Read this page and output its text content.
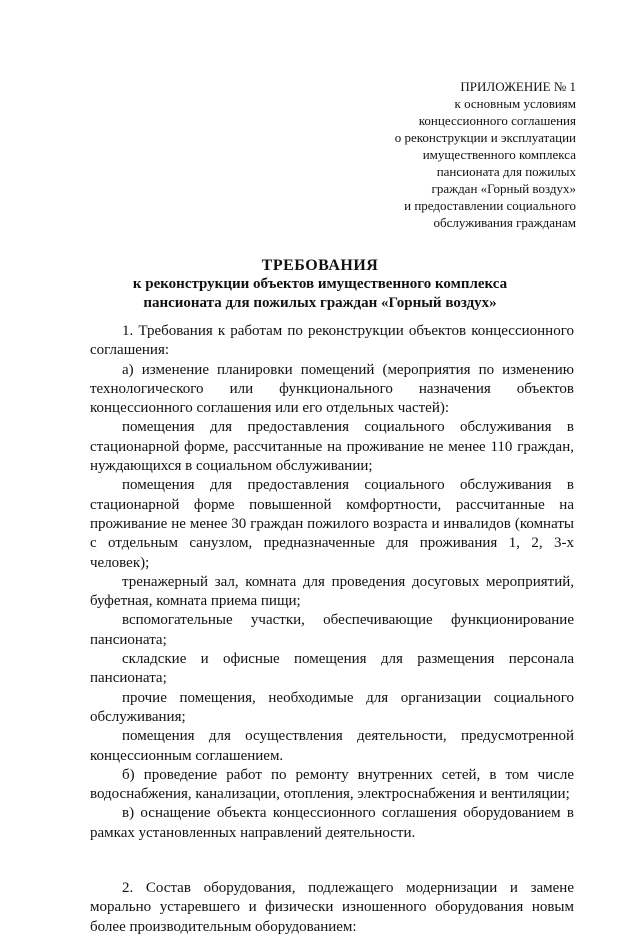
ПРИЛОЖЕНИЕ № 1
к основным условиям
концессионного соглашения
о реконструкции и эксплуатации
имущественного комплекса
пансионата для пожилых
граждан «Горный воздух»
и предоставлении социального
обслуживания гражданам
ТРЕБОВАНИЯ
к реконструкции объектов имущественного комплекса
пансионата для пожилых граждан «Горный воздух»

1. Требования к работам по реконструкции объектов концессионного соглашения:

а) изменение планировки помещений (мероприятия по изменению технологического или функционального назначения объектов концессионного соглашения или его отдельных частей):

помещения для предоставления социального обслуживания в стационарной форме, рассчитанные на проживание не менее 110 граждан, нуждающихся в социальном обслуживании;

помещения для предоставления социального обслуживания в стационарной форме повышенной комфортности, рассчитанные на проживание не менее 30 граждан пожилого возраста и инвалидов (комнаты с отдельным санузлом, предназначенные для проживания 1, 2, 3-х человек);

тренажерный зал, комната для проведения досуговых мероприятий, буфетная, комната приема пищи;

вспомогательные участки, обеспечивающие функционирование пансионата;

складские и офисные помещения для размещения персонала пансионата;

прочие помещения, необходимые для организации социального обслуживания;

помещения для осуществления деятельности, предусмотренной концессионным соглашением.

б) проведение работ по ремонту внутренних сетей, в том числе водоснабжения, канализации, отопления, электроснабжения и вентиляции;

в) оснащение объекта концессионного соглашения оборудованием в рамках установленных направлений деятельности.

2. Состав оборудования, подлежащего модернизации и замене морально устаревшего и физически изношенного оборудования новым более производительным оборудованием:
